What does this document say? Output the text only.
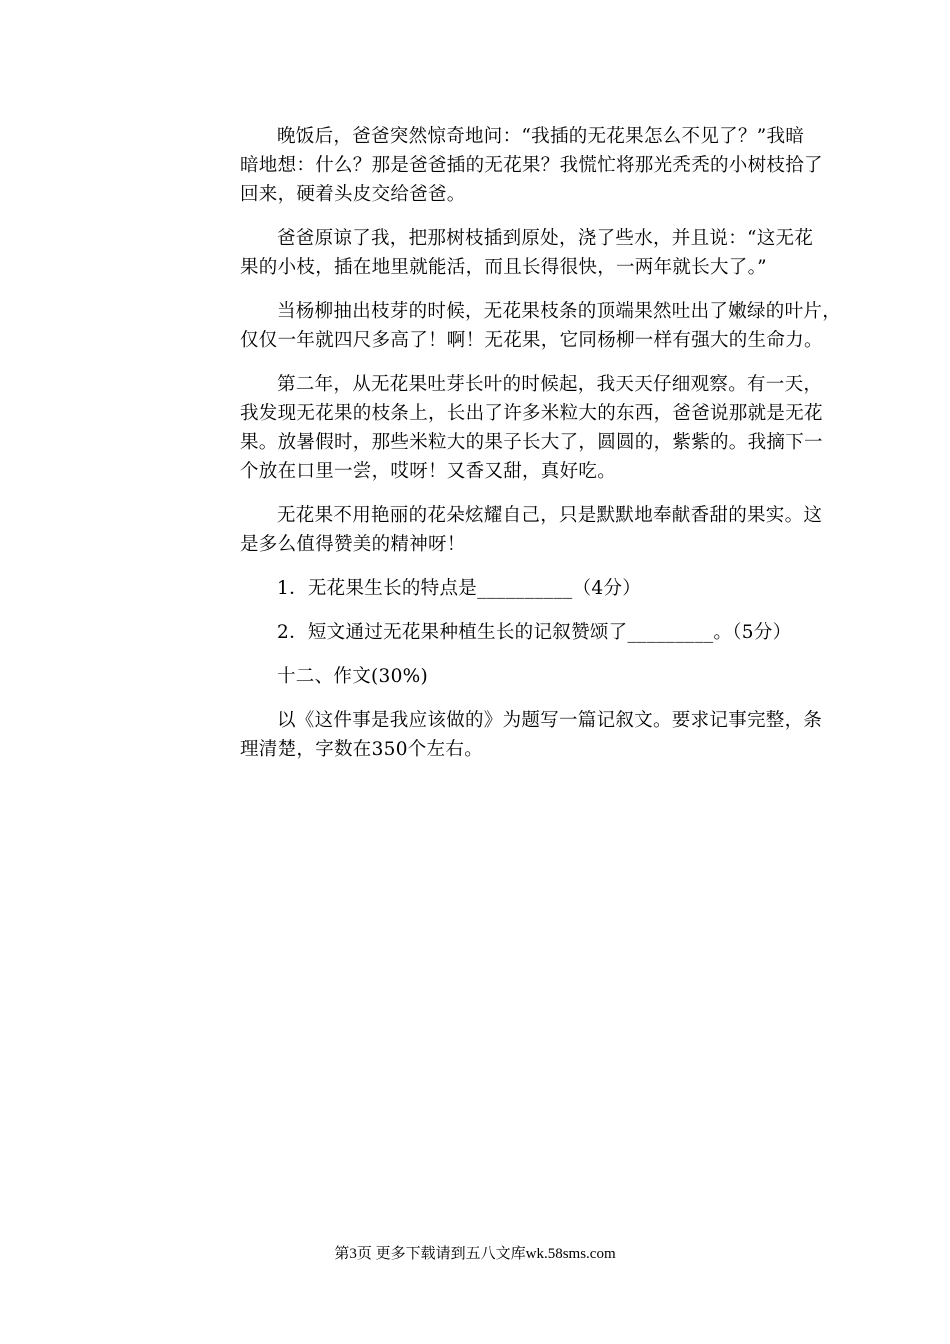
晚饭后，爸爸突然惊奇地问：“我插的无花果怎么不见了？”我暗
暗地想：什么？那是爸爸插的无花果？我慌忙将那光秃秃的小树枝拾了
回来，硬着头皮交给爸爸。
爸爸原谅了我，把那树枝插到原处，浇了些水，并且说：“这无花
果的小枝，插在地里就能活，而且长得很快，一两年就长大了。”
当杨柳抽出枝芽的时候，无花果枝条的顶端果然吐出了嫩绿的叶片，
仅仅一年就四尺多高了！啊！无花果，它同杨柳一样有强大的生命力。
第二年，从无花果吐芽长叶的时候起，我天天仔细观察。有一天，
我发现无花果的枝条上，长出了许多米粒大的东西，爸爸说那就是无花
果。放暑假时，那些米粒大的果子长大了，圆圆的，紫紫的。我摘下一
个放在口里一尝，哎呀！又香又甜，真好吃。
无花果不用艳丽的花朵炫耀自己，只是默默地奉献香甜的果实。这
是多么值得赞美的精神呀！
1．无花果生长的特点是__________（4分）
2．短文通过无花果种植生长的记叙赞颂了_________。（5分）
十二、作文(30%)
以《这件事是我应该做的》为题写一篇记叙文。要求记事完整，条
理清楚，字数在350个左右。
第3页 更多下载请到五八文库wk.58sms.com
